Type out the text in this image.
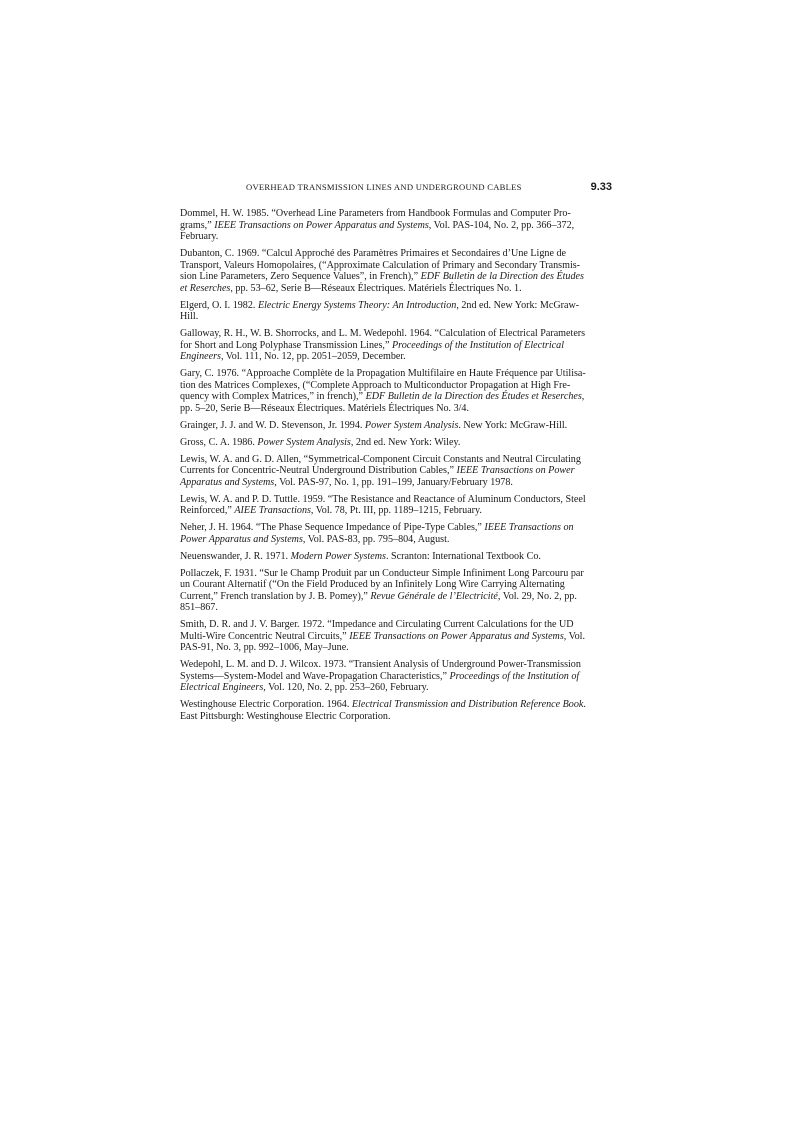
OVERHEAD TRANSMISSION LINES AND UNDERGROUND CABLES	9.33
Dommel, H. W. 1985. “Overhead Line Parameters from Handbook Formulas and Computer Pro-
grams,” IEEE Transactions on Power Apparatus and Systems, Vol. PAS-104, No. 2, pp. 366–372,
February.
Dubanton, C. 1969. “Calcul Approché des Paramètres Primaires et Secondaires d’Une Ligne de
Transport, Valeurs Homopolaires, (“Approximate Calculation of Primary and Secondary Transmis-
sion Line Parameters, Zero Sequence Values”, in French),” EDF Bulletin de la Direction des Études
et Reserches, pp. 53–62, Serie B—Réseaux Électriques. Matériels Électriques No. 1.
Elgerd, O. I. 1982. Electric Energy Systems Theory: An Introduction, 2nd ed. New York: McGraw-
Hill.
Galloway, R. H., W. B. Shorrocks, and L. M. Wedepohl. 1964. “Calculation of Electrical Parameters
for Short and Long Polyphase Transmission Lines,” Proceedings of the Institution of Electrical
Engineers, Vol. 111, No. 12, pp. 2051–2059, December.
Gary, C. 1976. “Approache Complète de la Propagation Multifilaire en Haute Fréquence par Utilisa-
tion des Matrices Complexes, (“Complete Approach to Multiconductor Propagation at High Fre-
quency with Complex Matrices,” in french),” EDF Bulletin de la Direction des Études et Reserches,
pp. 5–20, Serie B—Réseaux Électriques. Matériels Électriques No. 3/4.
Grainger, J. J. and W. D. Stevenson, Jr. 1994. Power System Analysis. New York: McGraw-Hill.
Gross, C. A. 1986. Power System Analysis, 2nd ed. New York: Wiley.
Lewis, W. A. and G. D. Allen, “Symmetrical-Component Circuit Constants and Neutral Circulating
Currents for Concentric-Neutral Underground Distribution Cables,” IEEE Transactions on Power
Apparatus and Systems, Vol. PAS-97, No. 1, pp. 191–199, January/February 1978.
Lewis, W. A. and P. D. Tuttle. 1959. “The Resistance and Reactance of Aluminum Conductors, Steel
Reinforced,” AIEE Transactions, Vol. 78, Pt. III, pp. 1189–1215, February.
Neher, J. H. 1964. “The Phase Sequence Impedance of Pipe-Type Cables,” IEEE Transactions on
Power Apparatus and Systems, Vol. PAS-83, pp. 795–804, August.
Neuenswander, J. R. 1971. Modern Power Systems. Scranton: International Textbook Co.
Pollaczek, F. 1931. “Sur le Champ Produit par un Conducteur Simple Infiniment Long Parcouru par
un Courant Alternatif (“On the Field Produced by an Infinitely Long Wire Carrying Alternating
Current,” French translation by J. B. Pomey),” Revue Générale de l’Electricité, Vol. 29, No. 2, pp.
851–867.
Smith, D. R. and J. V. Barger. 1972. “Impedance and Circulating Current Calculations for the UD
Multi-Wire Concentric Neutral Circuits,” IEEE Transactions on Power Apparatus and Systems, Vol.
PAS-91, No. 3, pp. 992–1006, May–June.
Wedepohl, L. M. and D. J. Wilcox. 1973. “Transient Analysis of Underground Power-Transmission
Systems—System-Model and Wave-Propagation Characteristics,” Proceedings of the Institution of
Electrical Engineers, Vol. 120, No. 2, pp. 253–260, February.
Westinghouse Electric Corporation. 1964. Electrical Transmission and Distribution Reference Book.
East Pittsburgh: Westinghouse Electric Corporation.
